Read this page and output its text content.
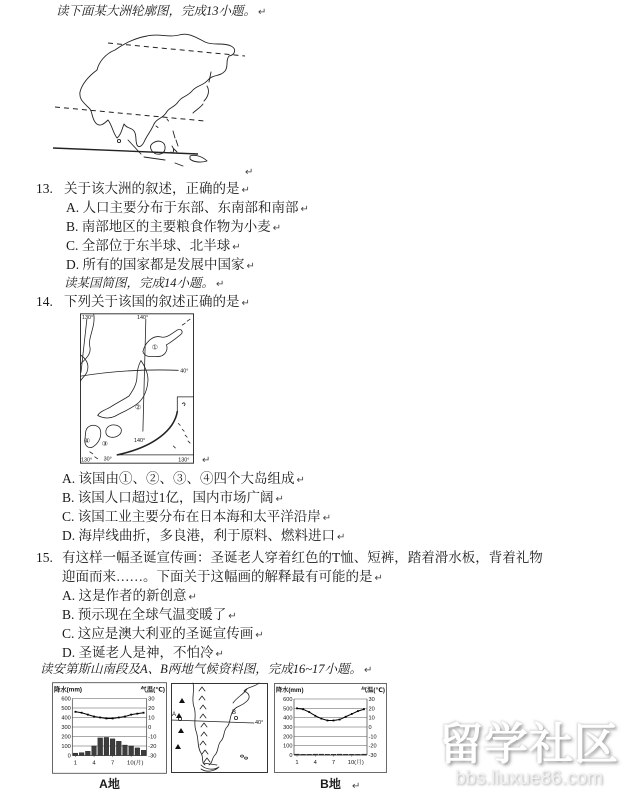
读下面某大洲轮廓图，完成13小题。 ↵
↵
13. 关于该大洲的叙述，正确的是 ↵
A. 人口主要分布于东部、东南部和南部 ↵
B. 南部地区的主要粮食作物为小麦 ↵
C. 全部位于东半球、北半球 ↵
D. 所有的国家都是发展中国家 ↵
读某国简图，完成14小题。 ↵
14. 下列关于该国的叙述正确的是 ↵
130°	140°
40°
140°
30°
130°	130°
①
②
③
④
↵
A. 该国由①、②、③、④四个大岛组成 ↵
B. 该国人口超过1亿，国内市场广阔 ↵
C. 该国工业主要分布在日本海和太平洋沿岸 ↵
D. 海岸线曲折，多良港，利于原料、燃料进口 ↵
15. 有这样一幅圣诞宣传画：圣诞老人穿着红色的T恤、短裤，踏着滑水板，背着礼物
迎面而来……。下面关于这幅画的解释最有可能的是 ↵
A. 这是作者的新创意 ↵
B. 预示现在全球气温变暖了 ↵
C. 这应是澳大利亚的圣诞宣传画 ↵
D. 圣诞老人是神，不怕冷 ↵
读安第斯山南段及A、B两地气候资料图，完成16~17小题。 ↵
降水(mm)	气温(℃)
0
100
200
300
400
500
600
-30
-20
-10
0
10
20
30
1	4	7 10(月)
A	B
40°
降水(mm)	气温(℃)
0
100
200
300
400
500
600
-30
-20
-10
0
10
20
30
1	4	7 10(月)
A地	B地	↵
留学社区
bbs.liuxue86.com
